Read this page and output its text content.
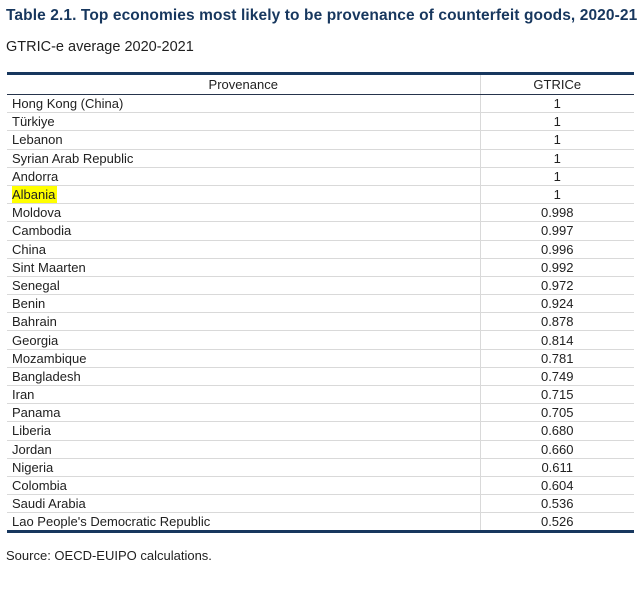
Table 2.1. Top economies most likely to be provenance of counterfeit goods, 2020-21
GTRIC-e average 2020-2021
Provenance	GTRICe
Hong Kong (China)	1
Türkiye	1
Lebanon	1
Syrian Arab Republic	1
Andorra	1
Albania	1
Moldova	0.998
Cambodia	0.997
China	0.996
Sint Maarten	0.992
Senegal	0.972
Benin	0.924
Bahrain	0.878
Georgia	0.814
Mozambique	0.781
Bangladesh	0.749
Iran	0.715
Panama	0.705
Liberia	0.680
Jordan	0.660
Nigeria	0.611
Colombia	0.604
Saudi Arabia	0.536
Lao People's Democratic Republic	0.526
Source: OECD-EUIPO calculations.
